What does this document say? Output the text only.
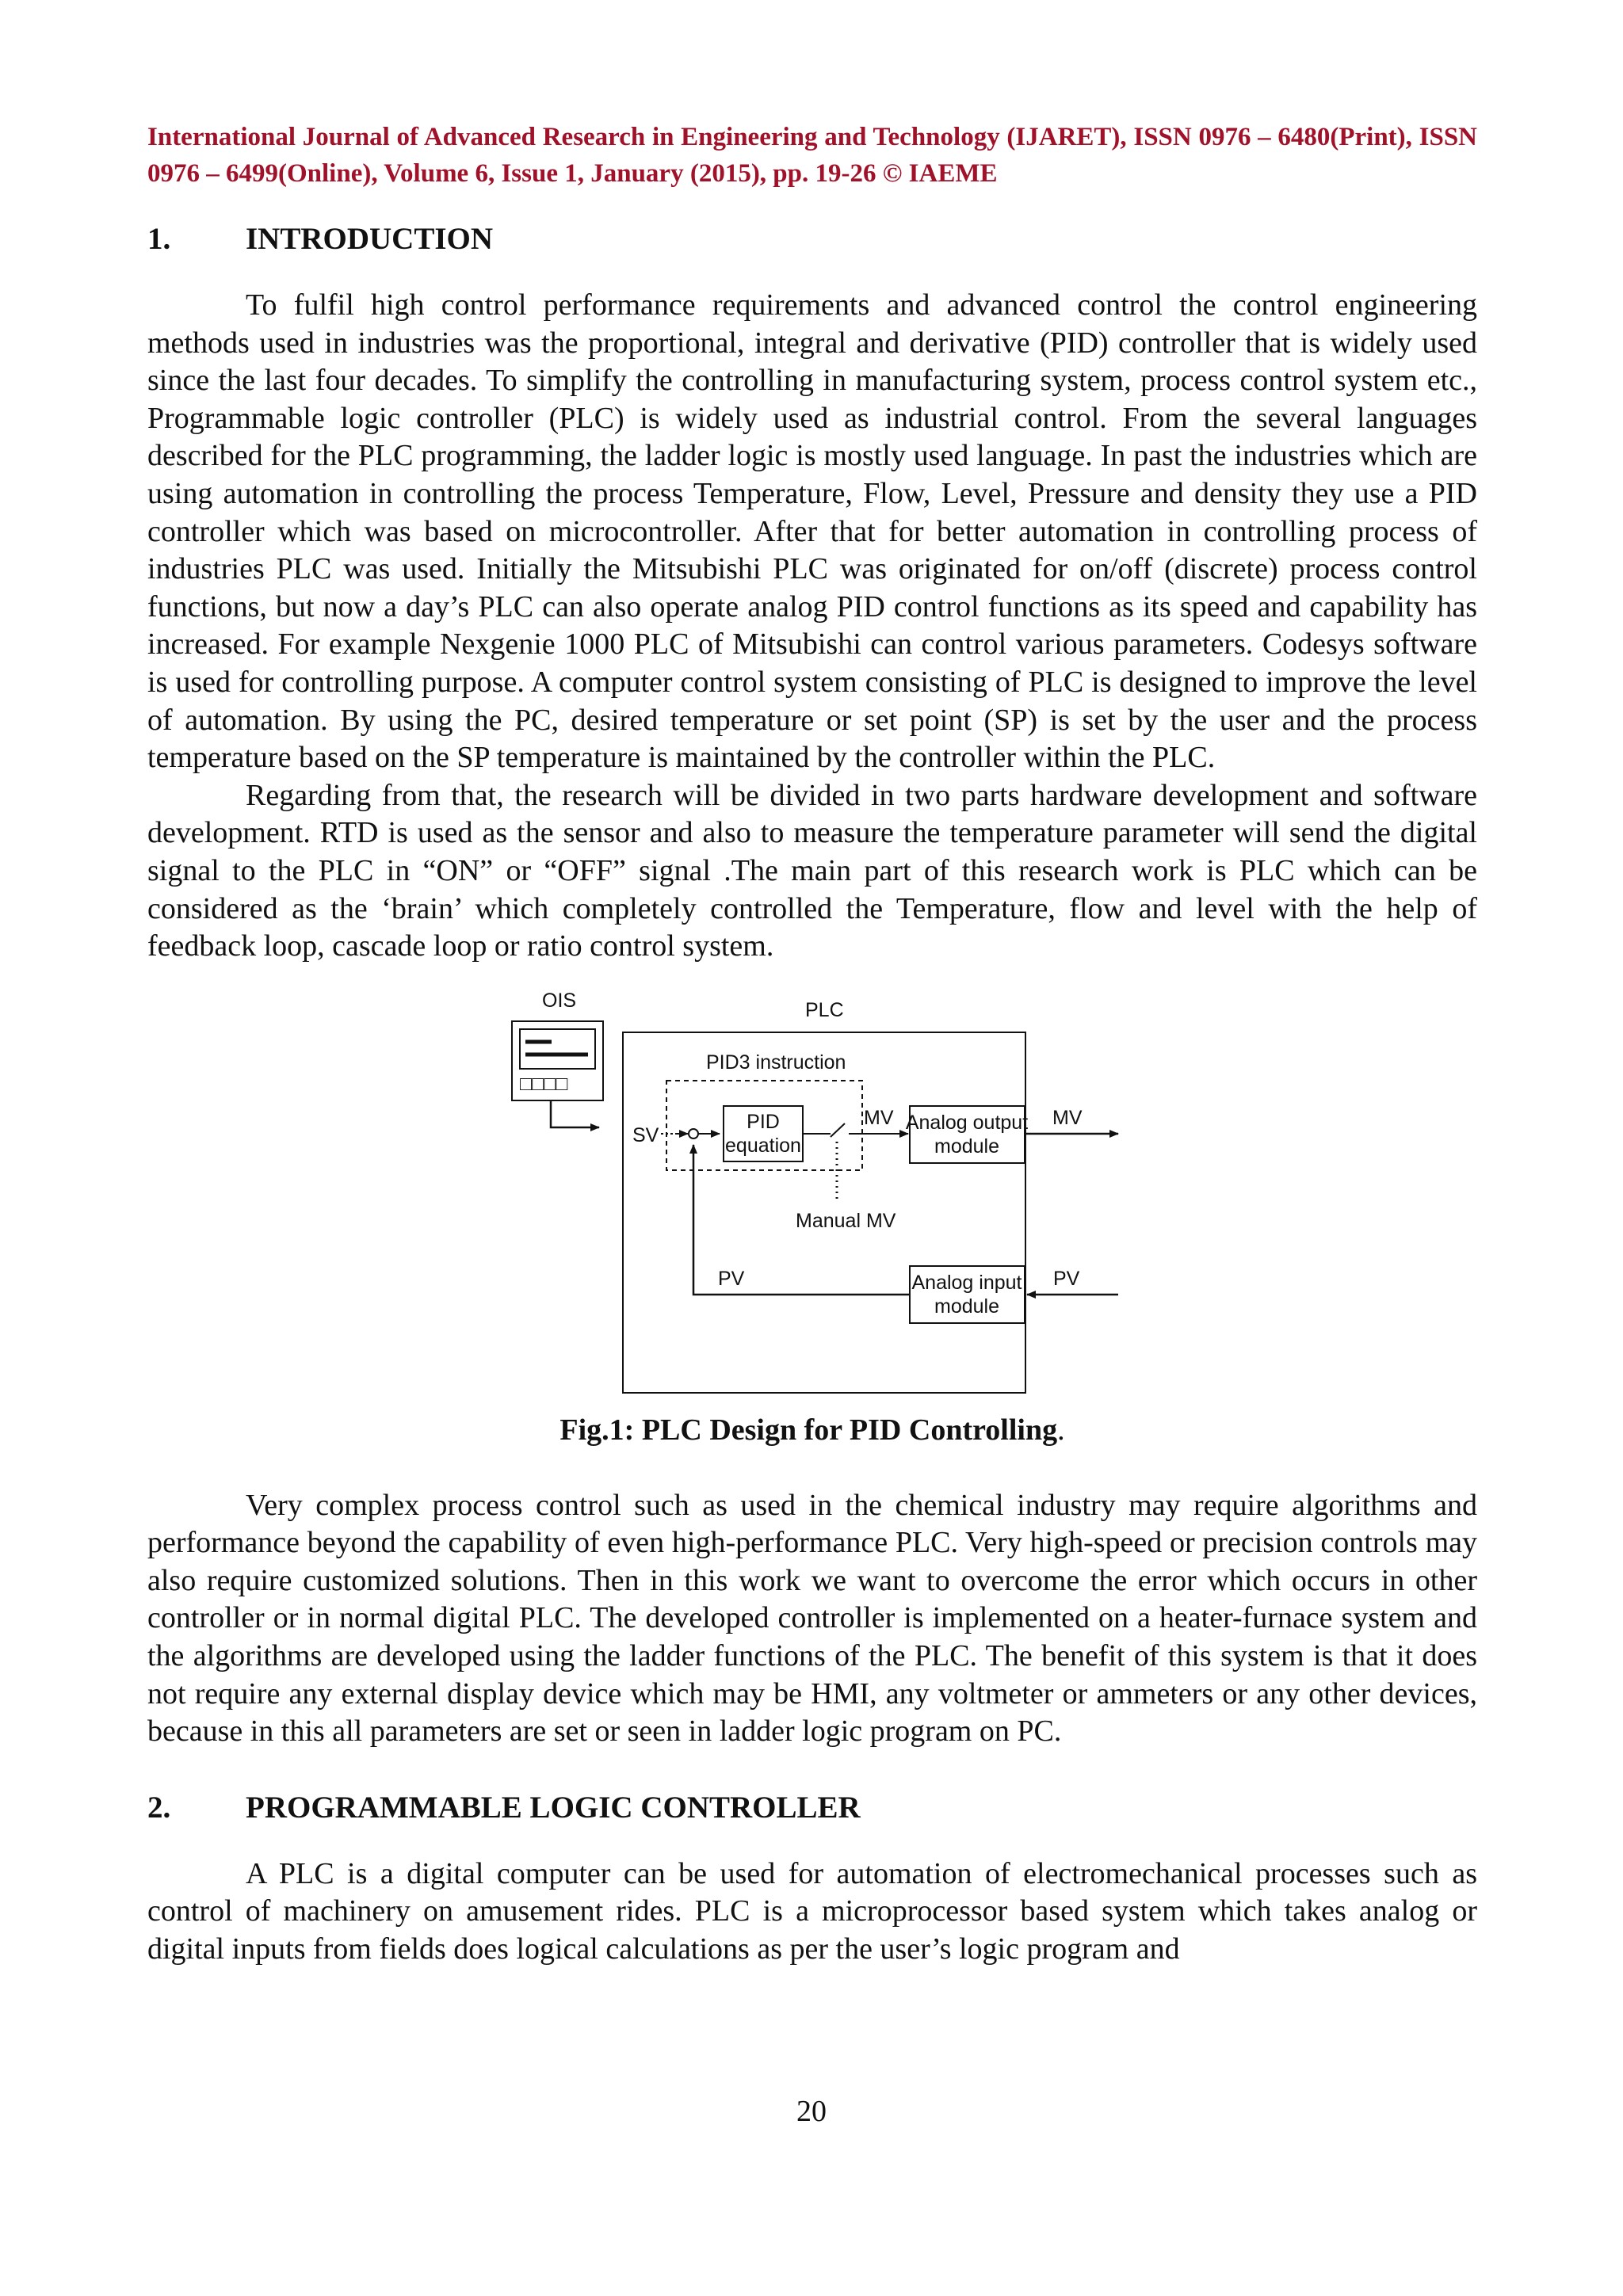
International Journal of Advanced Research in Engineering and Technology (IJARET), ISSN 0976 – 6480(Print), ISSN 0976 – 6499(Online), Volume 6, Issue 1, January (2015), pp. 19-26 © IAEME

1.	INTRODUCTION

To fulfil high control performance requirements and advanced control the control engineering methods used in industries was the proportional, integral and derivative (PID) controller that is widely used since the last four decades. To simplify the controlling in manufacturing system, process control system etc., Programmable logic controller (PLC) is widely used as industrial control. From the several languages described for the PLC programming, the ladder logic is mostly used language. In past the industries which are using automation in controlling the process Temperature, Flow, Level, Pressure and density they use a PID controller which was based on microcontroller. After that for better automation in controlling process of industries PLC was used. Initially the Mitsubishi PLC was originated for on/off (discrete) process control functions, but now a day’s PLC can also operate analog PID control functions as its speed and capability has increased. For example Nexgenie 1000 PLC of Mitsubishi can control various parameters. Codesys software is used for controlling purpose. A computer control system consisting of PLC is designed to improve the level of automation. By using the PC, desired temperature or set point (SP) is set by the user and the process temperature based on the SP temperature is maintained by the controller within the PLC.

Regarding from that, the research will be divided in two parts hardware development and software development. RTD is used as the sensor and also to measure the temperature parameter will send the digital signal to the PLC in “ON” or “OFF” signal .The main part of this research work is PLC which can be considered as the ‘brain’ which completely controlled the Temperature, flow and level with the help of feedback loop, cascade loop or ratio control system.

OIS
□□□□
PLC
PID3 instruction
SV
PID
equation
MV
Manual MV
Analog output
module
MV
Analog input
module
PV
PV

Fig.1: PLC Design for PID Controlling.

Very complex process control such as used in the chemical industry may require algorithms and performance beyond the capability of even high-performance PLC. Very high-speed or precision controls may also require customized solutions. Then in this work we want to overcome the error which occurs in other controller or in normal digital PLC. The developed controller is implemented on a heater-furnace system and the algorithms are developed using the ladder functions of the PLC. The benefit of this system is that it does not require any external display device which may be HMI, any voltmeter or ammeters or any other devices, because in this all parameters are set or seen in ladder logic program on PC.

2.	PROGRAMMABLE LOGIC CONTROLLER

A PLC is a digital computer can be used for automation of electromechanical processes such as control of machinery on amusement rides. PLC is a microprocessor based system which takes analog or digital inputs from fields does logical calculations as per the user’s logic program and

20
